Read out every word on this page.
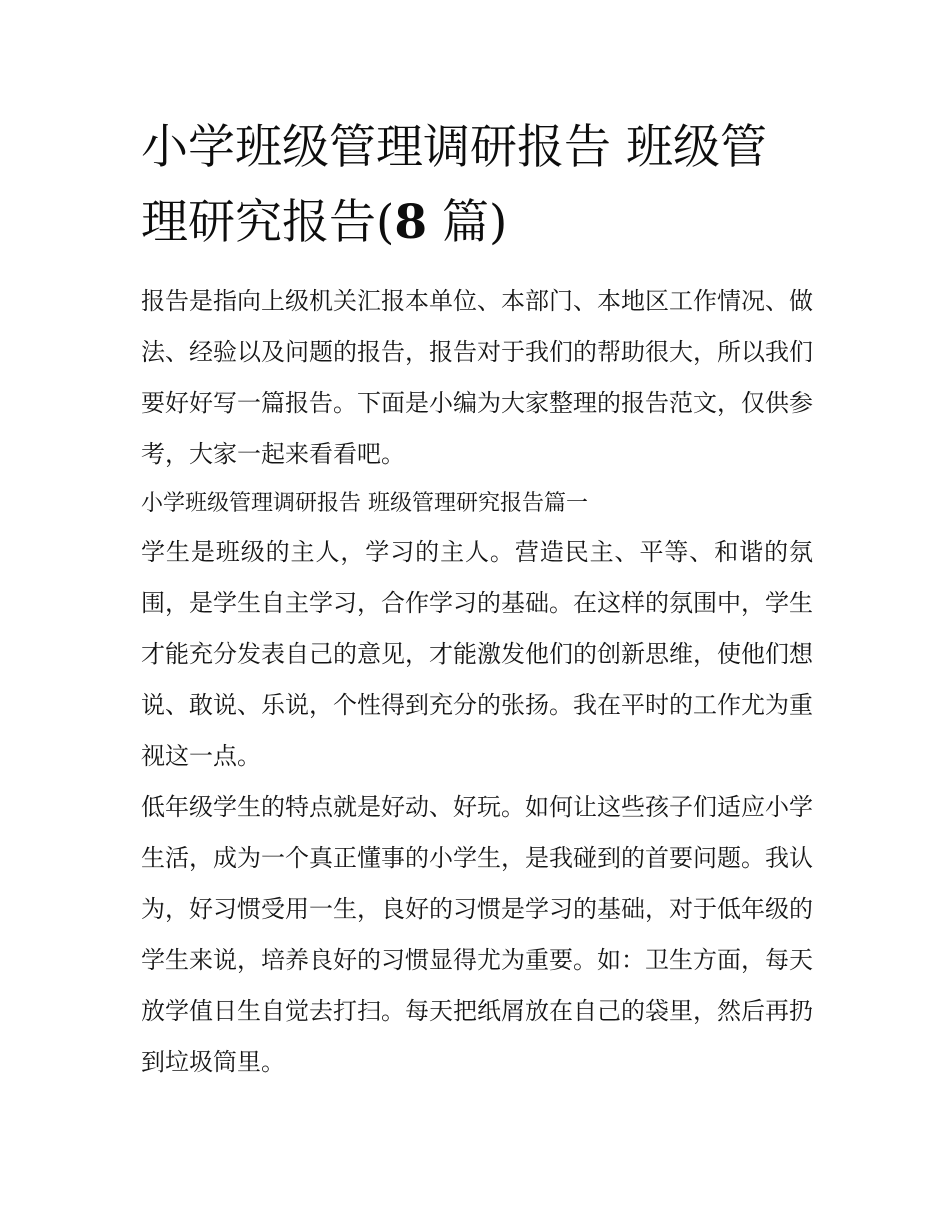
小学班级管理调研报告 班级管理研究报告(8 篇)

报告是指向上级机关汇报本单位、本部门、本地区工作情况、做法、经验以及问题的报告，报告对于我们的帮助很大，所以我们要好好写一篇报告。下面是小编为大家整理的报告范文，仅供参考，大家一起来看看吧。

小学班级管理调研报告 班级管理研究报告篇一

学生是班级的主人，学习的主人。营造民主、平等、和谐的氛围，是学生自主学习，合作学习的基础。在这样的氛围中，学生才能充分发表自己的意见，才能激发他们的创新思维，使他们想说、敢说、乐说，个性得到充分的张扬。我在平时的工作尤为重视这一点。

低年级学生的特点就是好动、好玩。如何让这些孩子们适应小学生活，成为一个真正懂事的小学生，是我碰到的首要问题。我认为，好习惯受用一生，良好的习惯是学习的基础，对于低年级的学生来说，培养良好的习惯显得尤为重要。如：卫生方面，每天放学值日生自觉去打扫。每天把纸屑放在自己的袋里，然后再扔到垃圾筒里。
